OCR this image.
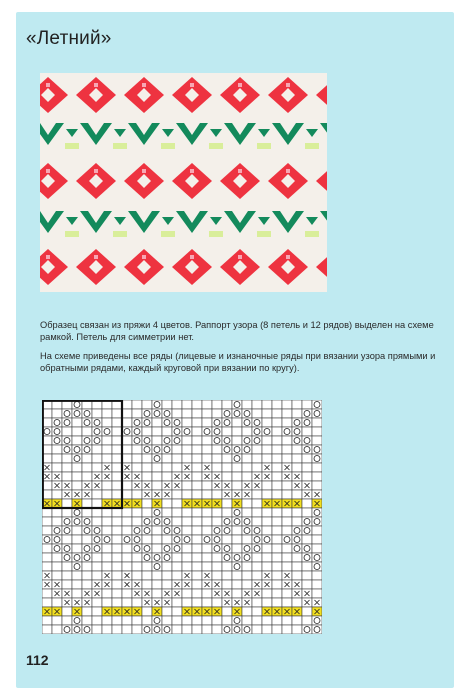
«Летний»

Образец связан из пряжи 4 цветов. Раппорт узора (8 петель и 12 рядов) выделен на схеме рамкой. Петель для симметрии нет.

На схеме приведены все ряды (лицевые и изнаночные ряды при вязании узора прямыми и обратными рядами, каждый круговой при вязании по кругу).

112
